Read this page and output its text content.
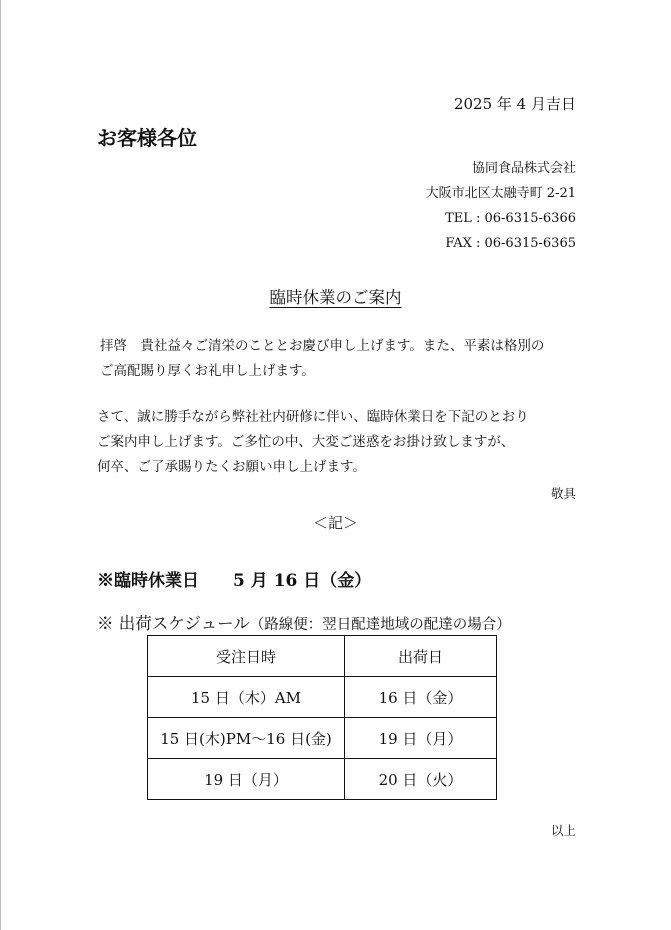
2025 年 4 月吉日
お客様各位
協同食品株式会社
大阪市北区太融寺町 2-21
TEL : 06-6315-6366
FAX : 06-6315-6365
臨時休業のご案内
拝啓　貴社益々ご清栄のこととお慶び申し上げます。また、平素は格別の
ご高配賜り厚くお礼申し上げます。
さて、誠に勝手ながら弊社社内研修に伴い、臨時休業日を下記のとおり
ご案内申し上げます。ご多忙の中、大変ご迷惑をお掛け致しますが、
何卒、ご了承賜りたくお願い申し上げます。
敬具
＜記＞
※臨時休業日 5 月 16 日（金）
※ 出荷スケジュール（路線便：翌日配達地域の配達の場合）
受注日時	出荷日
15 日（木）AM	16 日（金）
15 日(木)PM～16 日(金)	19 日（月）
19 日（月）	20 日（火）
以上
